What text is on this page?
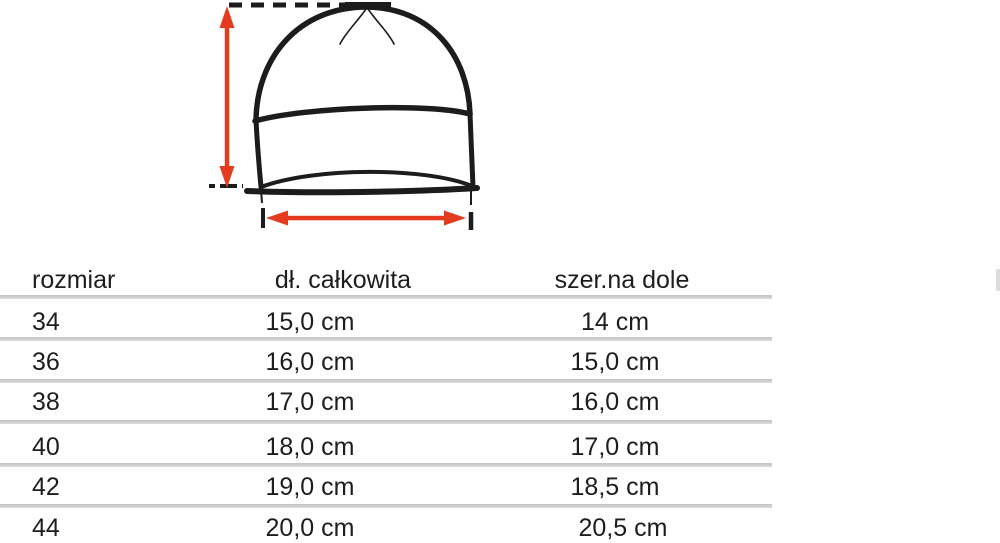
rozmiar	dł. całkowita	szer.na dole
34	15,0 cm	14 cm
36	16,0 cm	15,0 cm
38	17,0 cm	16,0 cm
40	18,0 cm	17,0 cm
42	19,0 cm	18,5 cm
44	20,0 cm	20,5 cm
